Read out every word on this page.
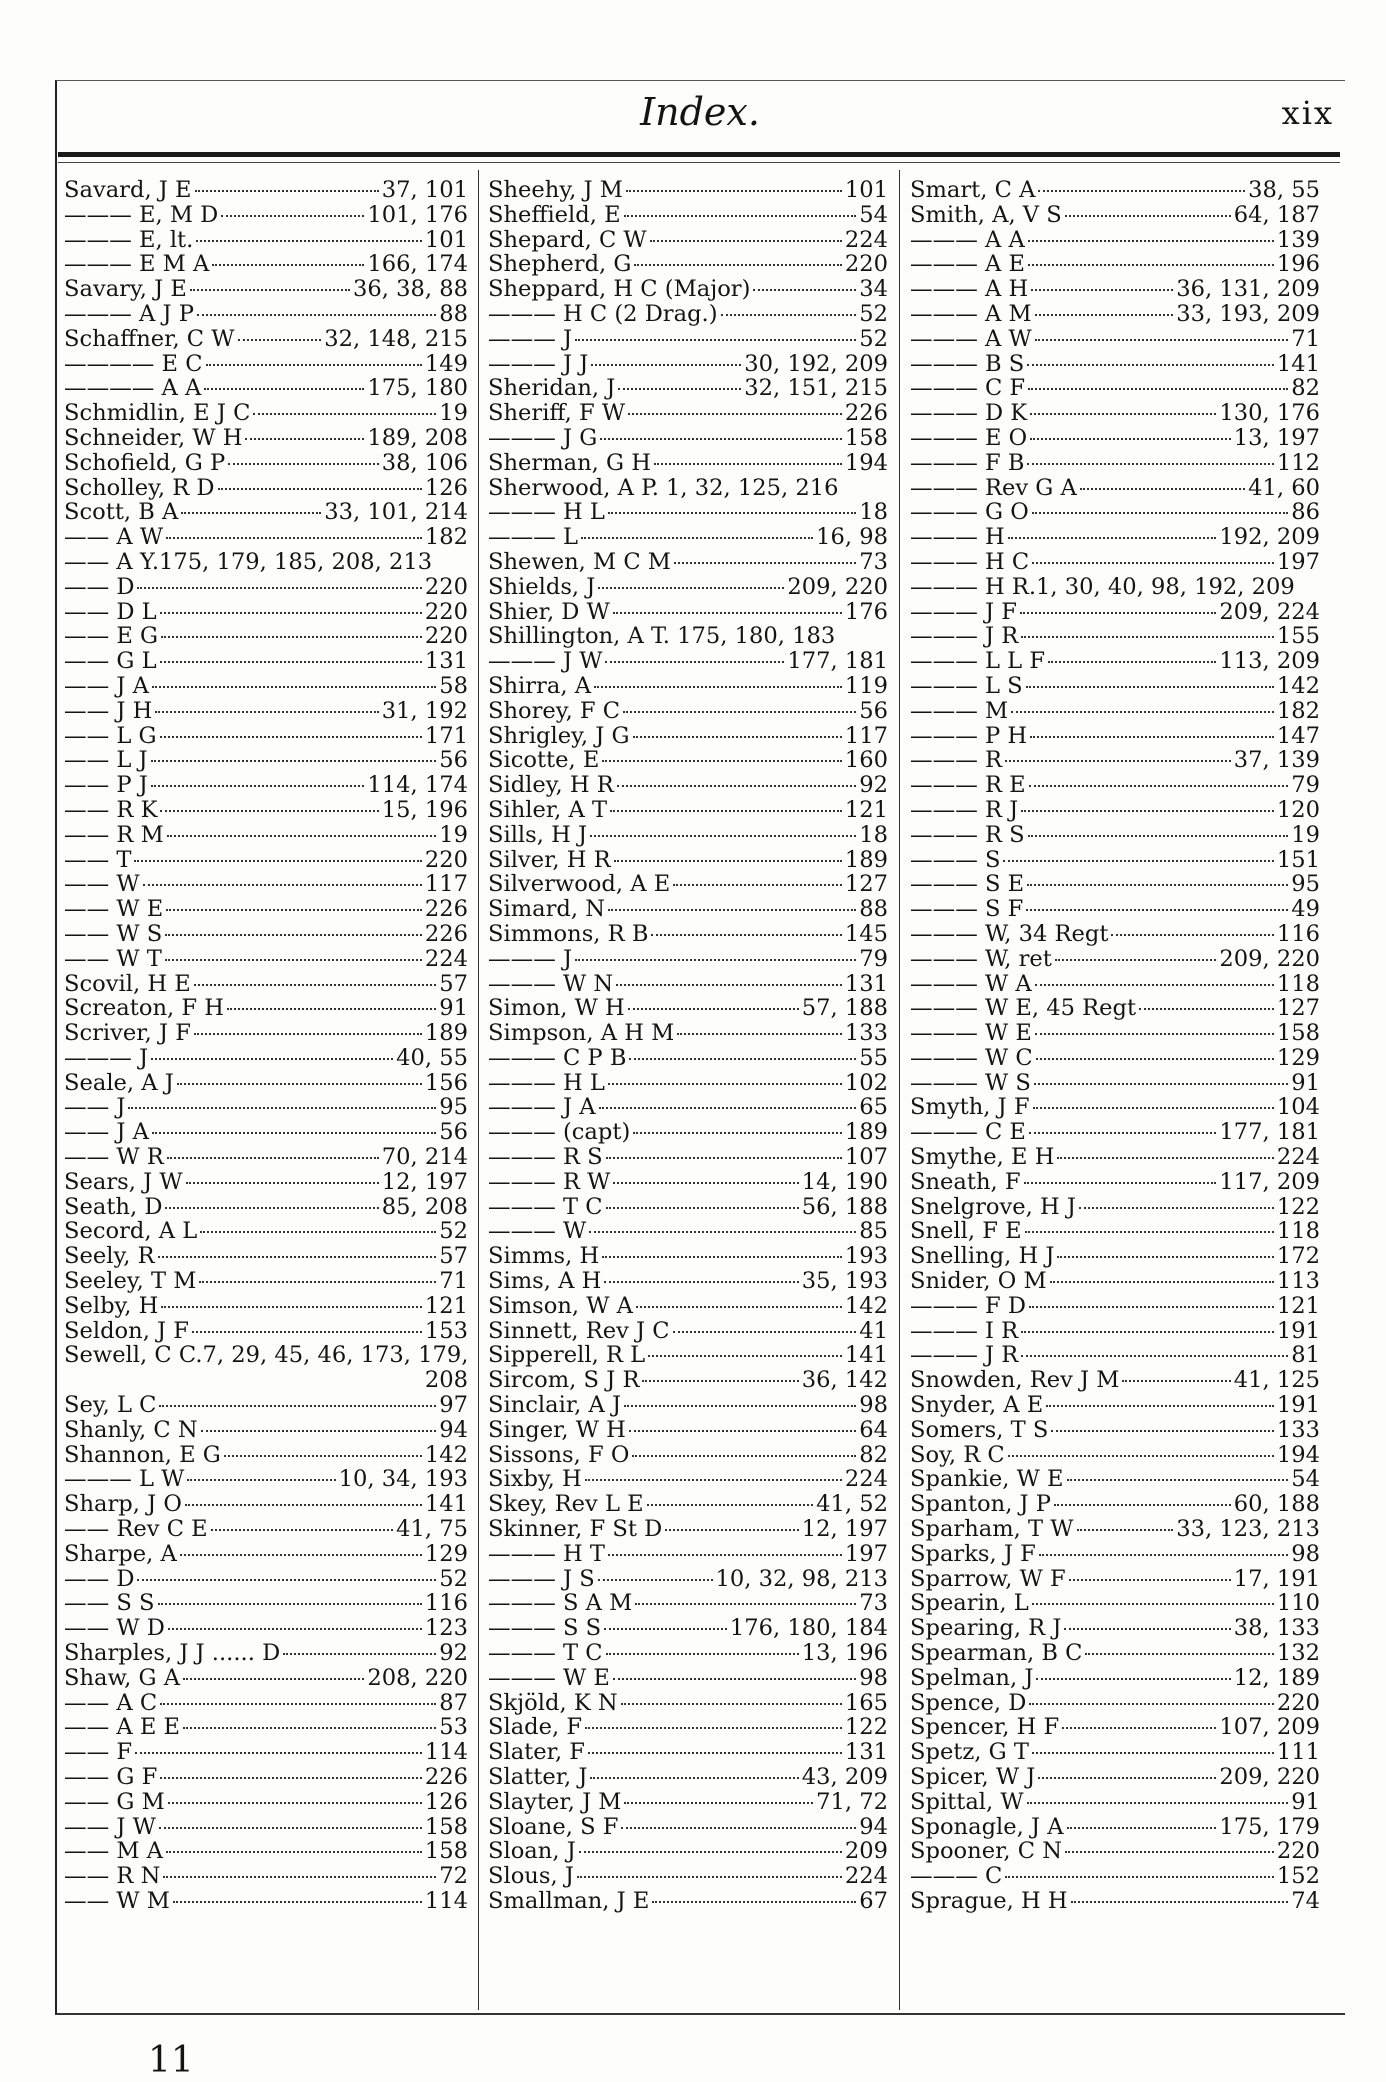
Index.	xix
Savard, J E	37, 101
——— E, M D	101, 176
——— E, lt.	101
——— E M A	166, 174
Savary, J E	36, 38, 88
——— A J P	88
Schaffner, C W	32, 148, 215
———— E C	149
———— A A	175, 180
Schmidlin, E J C	19
Schneider, W H	189, 208
Schofield, G P	38, 106
Scholley, R D	126
Scott, B A	33, 101, 214
—— A W	182
—— A Y.175, 179, 185, 208, 213
—— D	220
—— D L	220
—— E G	220
—— G L	131
—— J A	58
—— J H	31, 192
—— L G	171
—— L J	56
—— P J	114, 174
—— R K	15, 196
—— R M	19
—— T	220
—— W	117
—— W E	226
—— W S	226
—— W T	224
Scovil, H E	57
Screaton, F H	91
Scriver, J F	189
——— J	40, 55
Seale, A J	156
—— J	95
—— J A	56
—— W R	70, 214
Sears, J W	12, 197
Seath, D	85, 208
Secord, A L	52
Seely, R	57
Seeley, T M	71
Selby, H	121
Seldon, J F	153
Sewell, C C.7, 29, 45, 46, 173, 179,
208
Sey, L C	97
Shanly, C N	94
Shannon, E G	142
——— L W	10, 34, 193
Sharp, J O	141
—— Rev C E	41, 75
Sharpe, A	129
—— D	52
—— S S	116
—— W D	123
Sharples, J J ...... D	92
Shaw, G A	208, 220
—— A C	87
—— A E E	53
—— F	114
—— G F	226
—— G M	126
—— J W	158
—— M A	158
—— R N	72
—— W M	114
Sheehy, J M	101
Sheffield, E	54
Shepard, C W	224
Shepherd, G	220
Sheppard, H C (Major)	34
——— H C (2 Drag.)	52
——— J	52
——— J J	30, 192, 209
Sheridan, J	32, 151, 215
Sheriff, F W	226
——— J G	158
Sherman, G H	194
Sherwood, A P. 1, 32, 125, 216
——— H L	18
——— L	16, 98
Shewen, M C M	73
Shields, J	209, 220
Shier, D W	176
Shillington, A T. 175, 180, 183
——— J W	177, 181
Shirra, A	119
Shorey, F C	56
Shrigley, J G	117
Sicotte, E	160
Sidley, H R	92
Sihler, A T	121
Sills, H J	18
Silver, H R	189
Silverwood, A E	127
Simard, N	88
Simmons, R B	145
——— J	79
——— W N	131
Simon, W H	57, 188
Simpson, A H M	133
——— C P B	55
——— H L	102
——— J A	65
——— (capt)	189
——— R S	107
——— R W	14, 190
——— T C	56, 188
——— W	85
Simms, H	193
Sims, A H	35, 193
Simson, W A	142
Sinnett, Rev J C	41
Sipperell, R L	141
Sircom, S J R	36, 142
Sinclair, A J	98
Singer, W H	64
Sissons, F O	82
Sixby, H	224
Skey, Rev L E	41, 52
Skinner, F St D	12, 197
——— H T	197
——— J S	10, 32, 98, 213
——— S A M	73
——— S S	176, 180, 184
——— T C	13, 196
——— W E	98
Skjöld, K N	165
Slade, F	122
Slater, F	131
Slatter, J	43, 209
Slayter, J M	71, 72
Sloane, S F	94
Sloan, J	209
Slous, J	224
Smallman, J E	67
Smart, C A	38, 55
Smith, A, V S	64, 187
——— A A	139
——— A E	196
——— A H	36, 131, 209
——— A M	33, 193, 209
——— A W	71
——— B S	141
——— C F	82
——— D K	130, 176
——— E O	13, 197
——— F B	112
——— Rev G A	41, 60
——— G O	86
——— H	192, 209
——— H C	197
——— H R.1, 30, 40, 98, 192, 209
——— J F	209, 224
——— J R	155
——— L L F	113, 209
——— L S	142
——— M	182
——— P H	147
——— R	37, 139
——— R E	79
——— R J	120
——— R S	19
——— S	151
——— S E	95
——— S F	49
——— W, 34 Regt	116
——— W, ret	209, 220
——— W A	118
——— W E, 45 Regt	127
——— W E	158
——— W C	129
——— W S	91
Smyth, J F	104
——— C E	177, 181
Smythe, E H	224
Sneath, F	117, 209
Snelgrove, H J	122
Snell, F E	118
Snelling, H J	172
Snider, O M	113
——— F D	121
——— I R	191
——— J R	81
Snowden, Rev J M	41, 125
Snyder, A E	191
Somers, T S	133
Soy, R C	194
Spankie, W E	54
Spanton, J P	60, 188
Sparham, T W	33, 123, 213
Sparks, J F	98
Sparrow, W F	17, 191
Spearin, L	110
Spearing, R J	38, 133
Spearman, B C	132
Spelman, J	12, 189
Spence, D	220
Spencer, H F	107, 209
Spetz, G T	111
Spicer, W J	209, 220
Spittal, W	91
Sponagle, J A	175, 179
Spooner, C N	220
——— C	152
Sprague, H H	74
11
